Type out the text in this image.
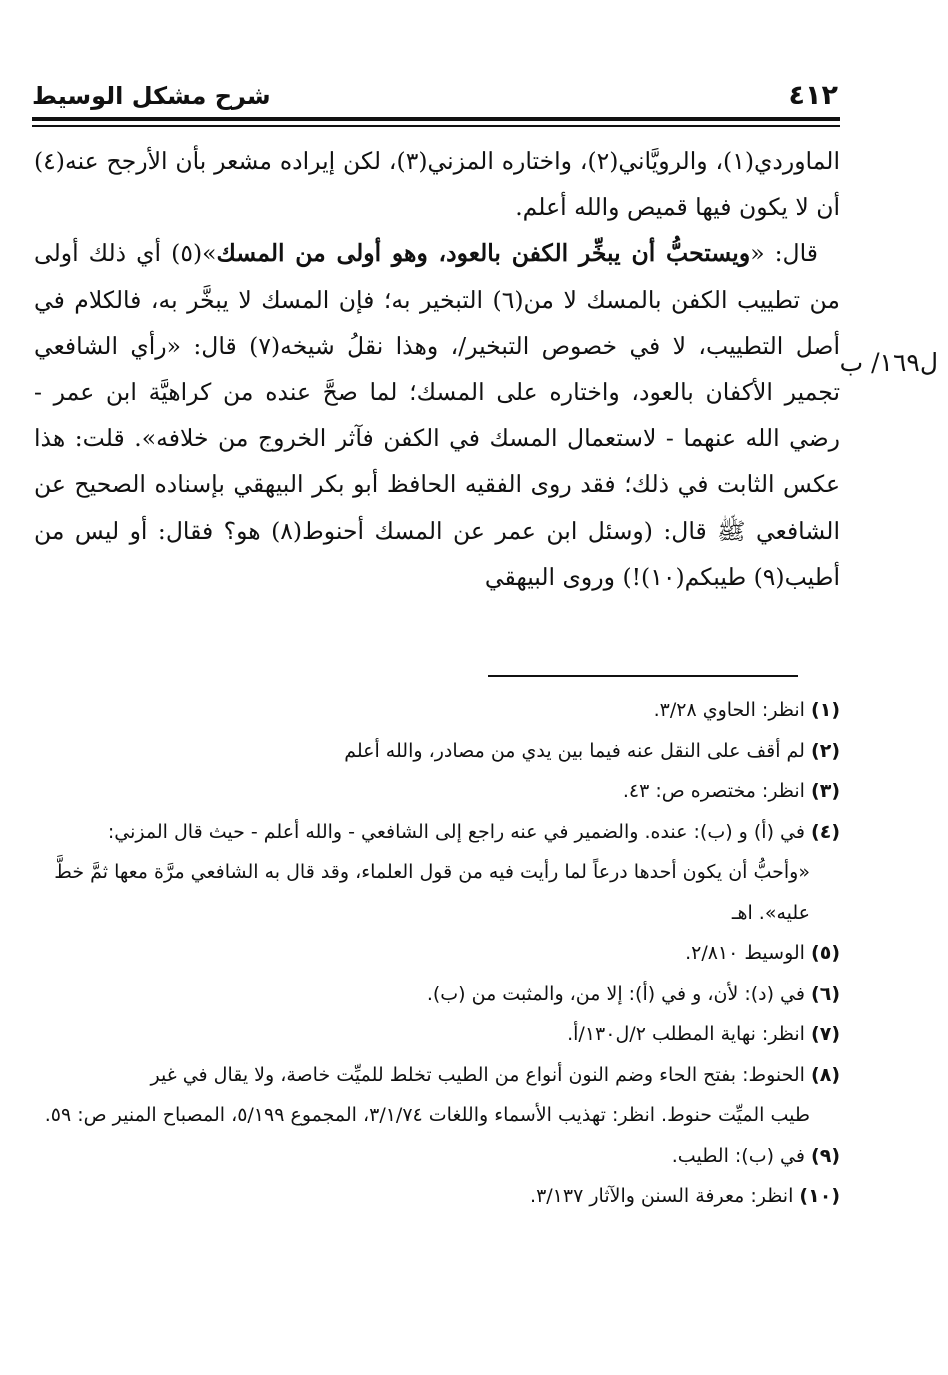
شرح مشكل الوسيط	٤١٢
ل١٦٩/ ب

الماوردي(١)، والرويَّاني(٢)، واختاره المزني(٣)، لكن إيراده مشعر بأن الأرجح عنه(٤) أن لا يكون فيها قميص والله أعلم.

قال: «ويستحبُّ أن يبخِّر الكفن بالعود، وهو أولى من المسك»(٥) أي ذلك أولى من تطييب الكفن بالمسك لا من(٦) التبخير به؛ فإن المسك لا يبخَّر به، فالكلام في أصل التطييب، لا في خصوص التبخير/، وهذا نقلُ شيخه(٧) قال: «رأي الشافعي تجمير الأكفان بالعود، واختاره على المسك؛ لما صحَّ عنده من كراهيَّة ابن عمر - رضي الله عنهما - لاستعمال المسك في الكفن فآثر الخروج من خلافه». قلت: هذا عكس الثابت في ذلك؛ فقد روى الفقيه الحافظ أبو بكر البيهقي بإسناده الصحيح عن الشافعي ﷺ قال: (وسئل ابن عمر عن المسك أحنوط(٨) هو؟ فقال: أو ليس من أطيب(٩) طيبكم(١٠)!) وروى البيهقي

(١) انظر: الحاوي ٣/٢٨.

(٢) لم أقف على النقل عنه فيما بين يدي من مصادر، والله أعلم

(٣) انظر: مختصره ص: ٤٣.

(٤) في (أ) و (ب): عنده. والضمير في عنه راجع إلى الشافعي - والله أعلم - حيث قال المزني:
«وأحبُّ أن يكون أحدها درعاً لما رأيت فيه من قول العلماء، وقد قال به الشافعي مرَّة معها ثمَّ خطَّ عليه». اهـ

(٥) الوسيط ٢/٨١٠.

(٦) في (د): لأن، و في (أ): إلا من، والمثبت من (ب).

(٧) انظر: نهاية المطلب ٢/ل١٣٠/أ.

(٨) الحنوط: بفتح الحاء وضم النون أنواع من الطيب تخلط للميِّت خاصة، ولا يقال في غير
طيب الميِّت حنوط. انظر: تهذيب الأسماء واللغات ٣/١/٧٤، المجموع ٥/١٩٩، المصباح المنير ص: ٥٩.

(٩) في (ب): الطيب.

(١٠) انظر: معرفة السنن والآثار ٣/١٣٧.
